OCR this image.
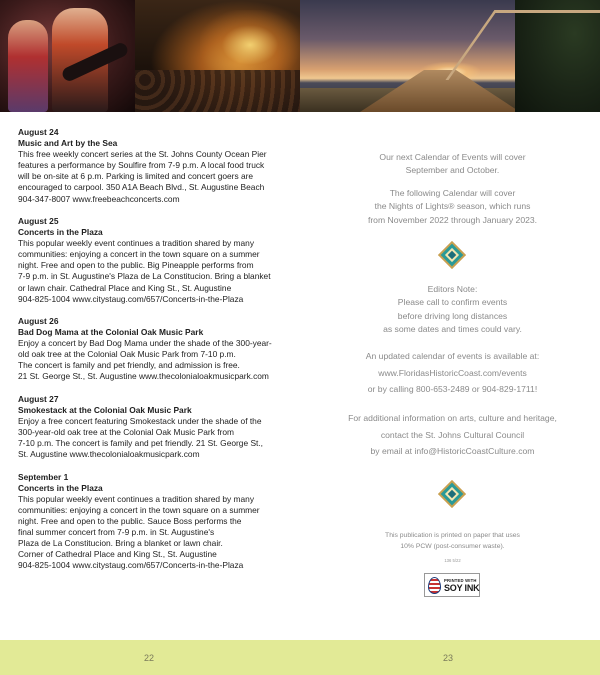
August 24

Music and Art by the Sea

This free weekly concert series at the St. Johns County Ocean Pier

features a performance by Soulfire from 7-9 p.m. A local food truck

will be on-site at 6 p.m. Parking is limited and concert goers are

encouraged to carpool. 350 A1A Beach Blvd., St. Augustine Beach

904-347-8007 www.freebeachconcerts.com

August 25

Concerts in the Plaza

This popular weekly event continues a tradition shared by many

communities: enjoying a concert in the town square on a summer

night. Free and open to the public. Big Pineapple performs from

7-9 p.m. in St. Augustine's Plaza de La Constitucion. Bring a blanket

or lawn chair. Cathedral Place and King St., St. Augustine

904-825-1004 www.citystaug.com/657/Concerts-in-the-Plaza

August 26

Bad Dog Mama at the Colonial Oak Music Park

Enjoy a concert by Bad Dog Mama under the shade of the 300-year-

old oak tree at the Colonial Oak Music Park from 7-10 p.m.

The concert is family and pet friendly, and admission is free.

21 St. George St., St. Augustine www.thecolonialoakmusicpark.com

August 27

Smokestack at the Colonial Oak Music Park

Enjoy a free concert featuring Smokestack under the shade of the

300-year-old oak tree at the Colonial Oak Music Park from

7-10 p.m. The concert is family and pet friendly. 21 St. George St.,

St. Augustine www.thecolonialoakmusicpark.com

September 1

Concerts in the Plaza

This popular weekly event continues a tradition shared by many

communities: enjoying a concert in the town square on a summer

night. Free and open to the public. Sauce Boss performs the

final summer concert from 7-9 p.m. in St. Augustine's

Plaza de La Constitucion. Bring a blanket or lawn chair.

Corner of Cathedral Place and King St., St. Augustine

904-825-1004 www.citystaug.com/657/Concerts-in-the-Plaza

Our next Calendar of Events will cover

September and October.

The following Calendar will cover

the Nights of Lights® season, which runs

from November 2022 through January 2023.

Editors Note:

Please call to confirm events

before driving long distances

as some dates and times could vary.

An updated calendar of events is available at:

www.FloridasHistoricCoast.com/events

or by calling 800-653-2489 or 904-829-1711!

For additional information on arts, culture and heritage,

contact the St. Johns Cultural Council

by email at info@HistoricCoastCulture.com

This publication is printed on paper that uses

10% PCW (post-consumer waste).

136 5/22
PRINTED WITH
SOY INK
22	23
